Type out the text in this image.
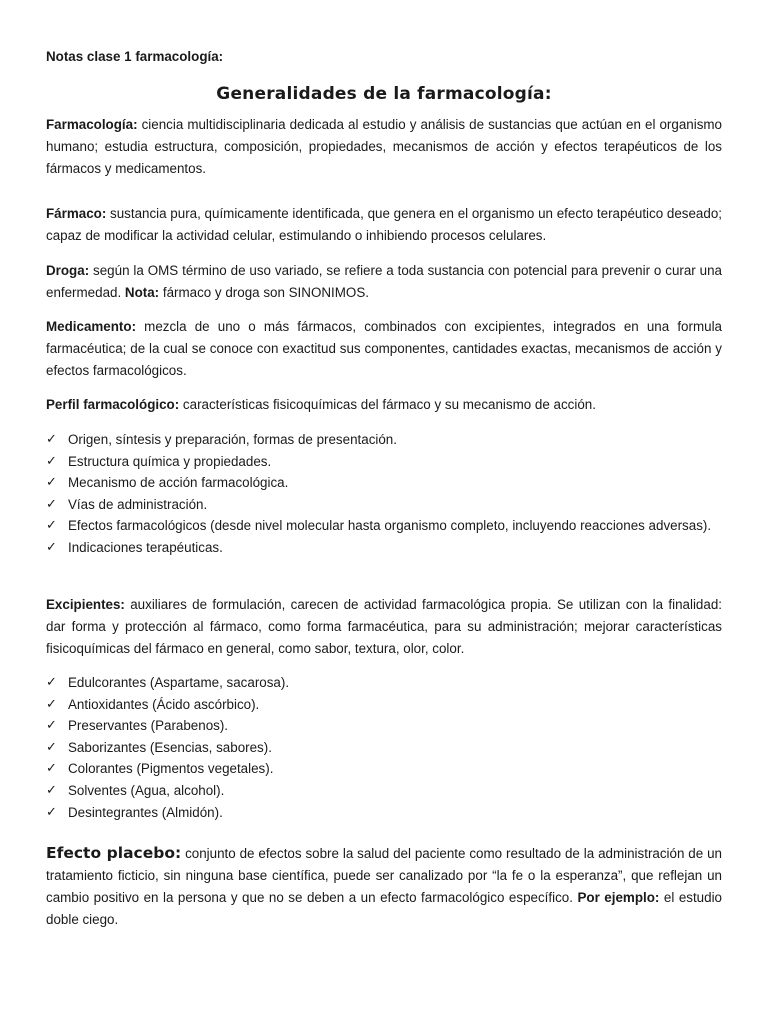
Notas clase 1 farmacología:
Generalidades de la farmacología:

Farmacología: ciencia multidisciplinaria dedicada al estudio y análisis de sustancias que actúan en el organismo humano; estudia estructura, composición, propiedades, mecanismos de acción y efectos terapéuticos de los fármacos y medicamentos.

Fármaco: sustancia pura, químicamente identificada, que genera en el organismo un efecto terapéutico deseado; capaz de modificar la actividad celular, estimulando o inhibiendo procesos celulares.

Droga: según la OMS término de uso variado, se refiere a toda sustancia con potencial para prevenir o curar una enfermedad. Nota: fármaco y droga son SINONIMOS.

Medicamento: mezcla de uno o más fármacos, combinados con excipientes, integrados en una formula farmacéutica; de la cual se conoce con exactitud sus componentes, cantidades exactas, mecanismos de acción y efectos farmacológicos.

Perfil farmacológico: características fisicoquímicas del fármaco y su mecanismo de acción.

✓ Origen, síntesis y preparación, formas de presentación.
✓ Estructura química y propiedades.
✓ Mecanismo de acción farmacológica.
✓ Vías de administración.
✓ Efectos farmacológicos (desde nivel molecular hasta organismo completo, incluyendo reacciones adversas).
✓ Indicaciones terapéuticas.

Excipientes: auxiliares de formulación, carecen de actividad farmacológica propia. Se utilizan con la finalidad: dar forma y protección al fármaco, como forma farmacéutica, para su administración; mejorar características fisicoquímicas del fármaco en general, como sabor, textura, olor, color.

✓ Edulcorantes (Aspartame, sacarosa).
✓ Antioxidantes (Ácido ascórbico).
✓ Preservantes (Parabenos).
✓ Saborizantes (Esencias, sabores).
✓ Colorantes (Pigmentos vegetales).
✓ Solventes (Agua, alcohol).
✓ Desintegrantes (Almidón).

Efecto placebo: conjunto de efectos sobre la salud del paciente como resultado de la administración de un tratamiento ficticio, sin ninguna base científica, puede ser canalizado por “la fe o la esperanza”, que reflejan un cambio positivo en la persona y que no se deben a un efecto farmacológico específico. Por ejemplo: el estudio doble ciego.
